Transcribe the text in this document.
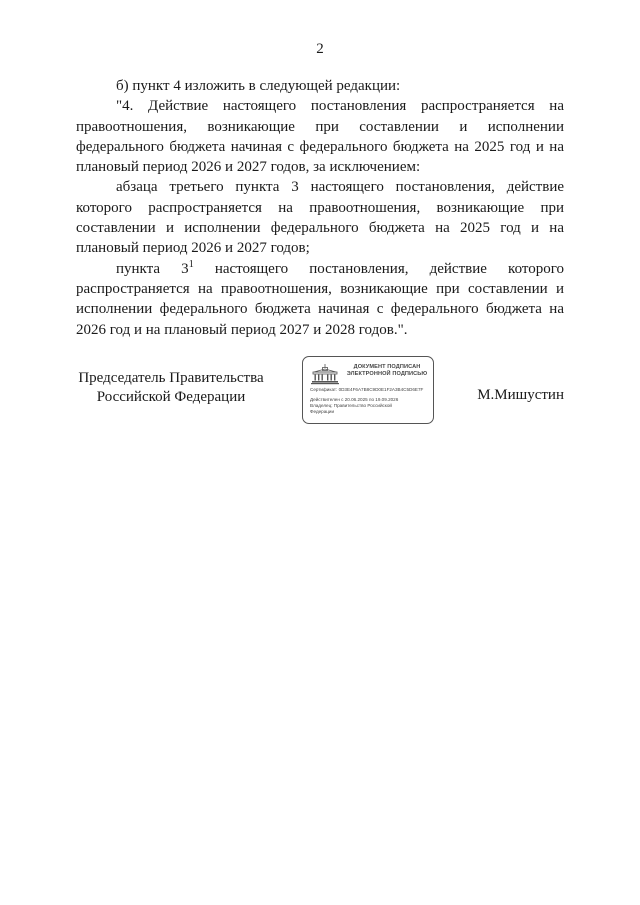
2

б) пункт 4 изложить в следующей редакции:

"4. Действие настоящего постановления распространяется на правоотношения, возникающие при составлении и исполнении федерального бюджета начиная с федерального бюджета на 2025 год и на плановый период 2026 и 2027 годов, за исключением:

абзаца третьего пункта 3 настоящего постановления, действие которого распространяется на правоотношения, возникающие при составлении и исполнении федерального бюджета на 2025 год и на плановый период 2026 и 2027 годов;

пункта $3^1$ настоящего постановления, действие которого распространяется на правоотношения, возникающие при составлении и исполнении федерального бюджета начиная с федерального бюджета на 2026 год и на плановый период 2027 и 2028 годов.".

Председатель Правительства
Российской Федерации	М.Мишустин
ДОКУМЕНТ ПОДПИСАН
ЭЛЕКТРОННОЙ ПОДПИСЬЮ
Сертификат: 0D3E4F6A7B8C9D0E1F2A3B4C5D6E7F
Действителен с 20.06.2025 по 19.09.2026
Владелец: Правительство Российской
Федерации
